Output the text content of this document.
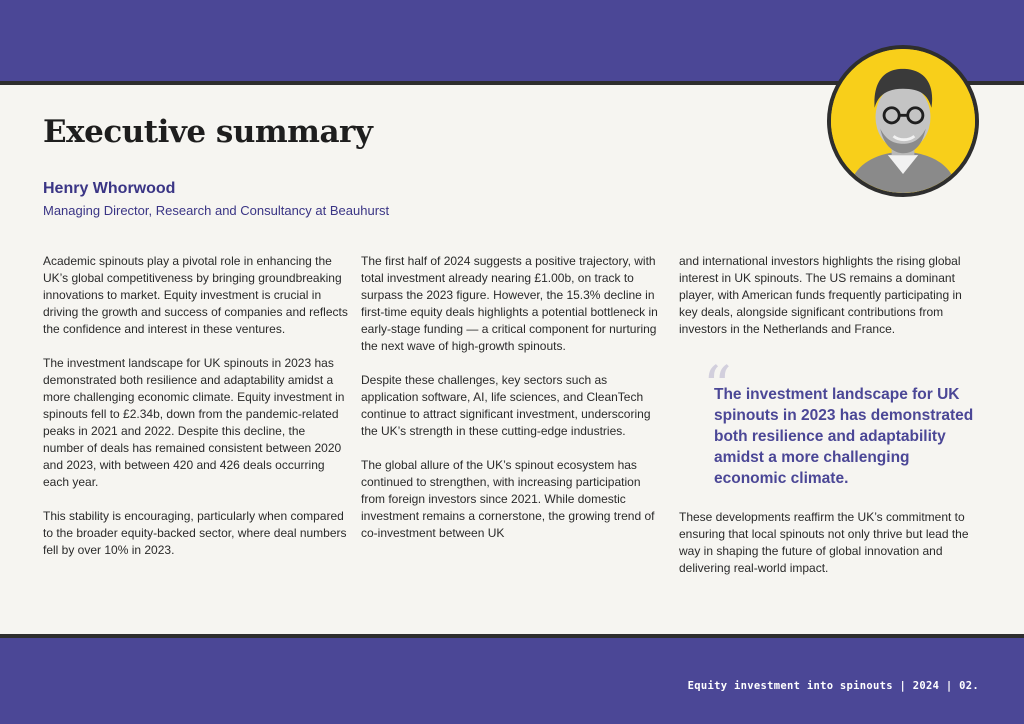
Executive summary
Henry Whorwood
Managing Director, Research and Consultancy at Beauhurst

Academic spinouts play a pivotal role in enhancing the UK’s global competitiveness by bringing groundbreaking innovations to market. Equity investment is crucial in driving the growth and success of companies and reflects the confidence and interest in these ventures.

The investment landscape for UK spinouts in 2023 has demonstrated both resilience and adaptability amidst a more challenging economic climate. Equity investment in spinouts fell to £2.34b, down from the pandemic-related peaks in 2021 and 2022. Despite this decline, the number of deals has remained consistent between 2020 and 2023, with between 420 and 426 deals occurring each year.

This stability is encouraging, particularly when compared to the broader equity-backed sector, where deal numbers fell by over 10% in 2023.

The first half of 2024 suggests a positive trajectory, with total investment already nearing £1.00b, on track to surpass the 2023 figure. However, the 15.3% decline in first-time equity deals highlights a potential bottleneck in early-stage funding — a critical component for nurturing the next wave of high-growth spinouts.

Despite these challenges, key sectors such as application software, AI, life sciences, and CleanTech continue to attract significant investment, underscoring the UK’s strength in these cutting-edge industries.

The global allure of the UK’s spinout ecosystem has continued to strengthen, with increasing participation from foreign investors since 2021. While domestic investment remains a cornerstone, the growing trend of co-investment between UK

and international investors highlights the rising global interest in UK spinouts. The US remains a dominant player, with American funds frequently participating in key deals, alongside significant contributions from investors in the Netherlands and France.

“
The investment landscape for UK spinouts in 2023 has demonstrated both resilience and adaptability amidst a more challenging economic climate.

These developments reaffirm the UK’s commitment to ensuring that local spinouts not only thrive but lead the way in shaping the future of global innovation and delivering real-world impact.

Equity investment into spinouts | 2024 | 02.
